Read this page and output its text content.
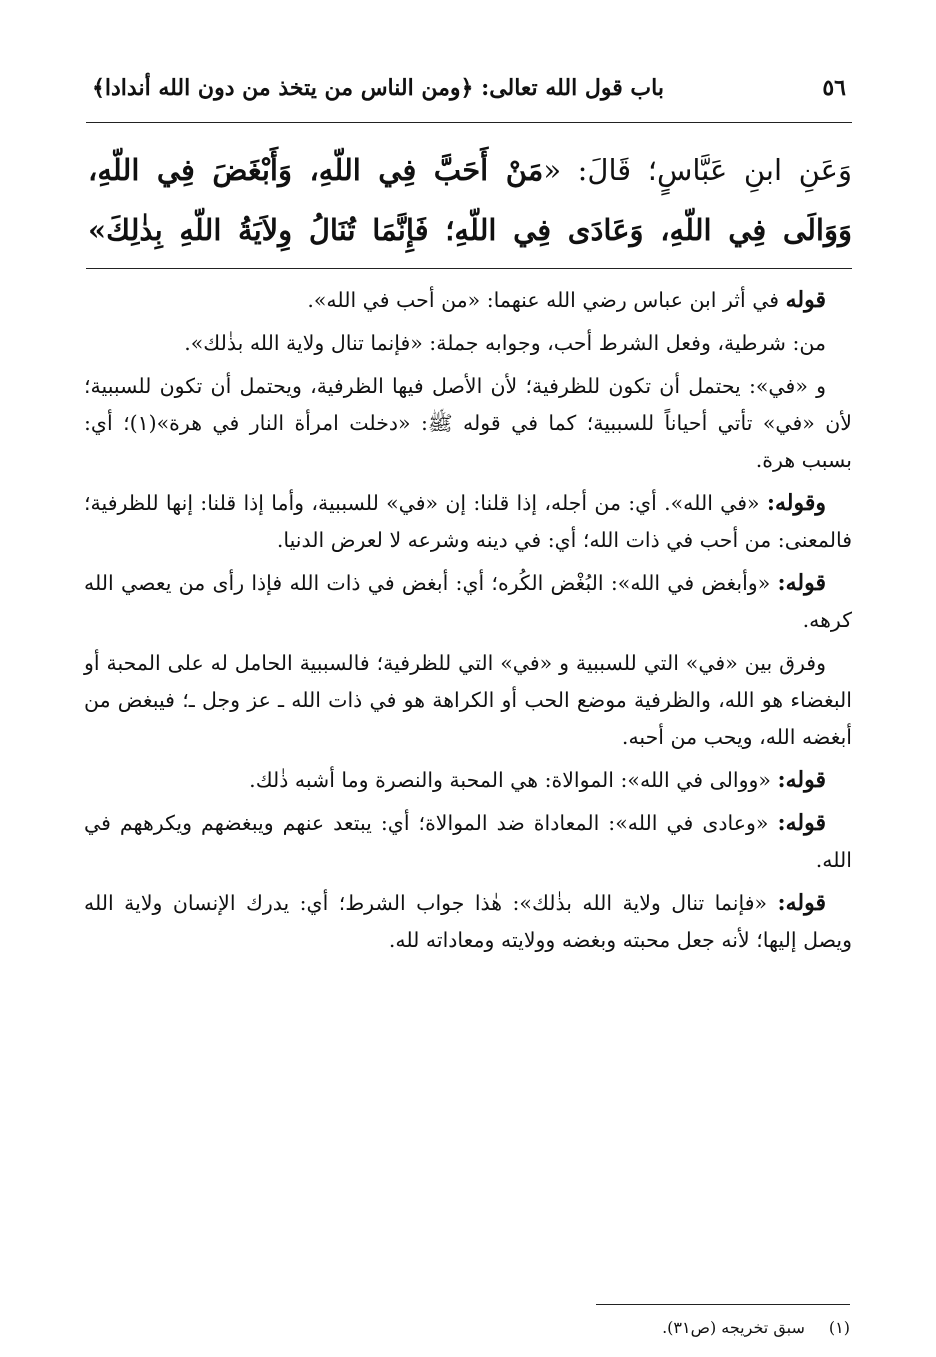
٥٦
باب قول الله تعالى: ﴿ومن الناس من يتخذ من دون الله أندادا﴾
وَعَنِ ابنِ عَبَّاسٍ؛ قَالَ: «مَنْ أَحَبَّ فِي اللّهِ، وَأَبْغَضَ فِي اللّهِ، وَوَالَى فِي اللّهِ، وَعَادَى فِي اللّهِ؛ فَإِنَّمَا تُنَالُ وِلاَيَةُ اللّهِ بِذٰلِكَ»

قوله في أثر ابن عباس رضي الله عنهما: «من أحب في الله».

من: شرطية، وفعل الشرط أحب، وجوابه جملة: «فإنما تنال ولاية الله بذٰلك».

و «في»: يحتمل أن تكون للظرفية؛ لأن الأصل فيها الظرفية، ويحتمل أن تكون للسببية؛ لأن «في» تأتي أحياناً للسببية؛ كما في قوله ﷺ: «دخلت امرأة النار في هرة»(١)؛ أي: بسبب هرة.

وقوله: «في الله». أي: من أجله، إذا قلنا: إن «في» للسببية، وأما إذا قلنا: إنها للظرفية؛ فالمعنى: من أحب في ذات الله؛ أي: في دينه وشرعه لا لعرض الدنيا.

قوله: «وأبغض في الله»: البُغْض الكُره؛ أي: أبغض في ذات الله فإذا رأى من يعصي الله كرهه.

وفرق بين «في» التي للسببية و «في» التي للظرفية؛ فالسببية الحامل له على المحبة أو البغضاء هو الله، والظرفية موضع الحب أو الكراهة هو في ذات الله ـ عز وجل ـ؛ فيبغض من أبغضه الله، ويحب من أحبه.

قوله: «ووالى في الله»: الموالاة: هي المحبة والنصرة وما أشبه ذٰلك.

قوله: «وعادى في الله»: المعاداة ضد الموالاة؛ أي: يبتعد عنهم ويبغضهم ويكرههم في الله.

قوله: «فإنما تنال ولاية الله بذٰلك»: هٰذا جواب الشرط؛ أي: يدرك الإنسان ولاية الله ويصل إليها؛ لأنه جعل محبته وبغضه وولايته ومعاداته لله.

(١)
سبق تخريجه (ص٣١).
